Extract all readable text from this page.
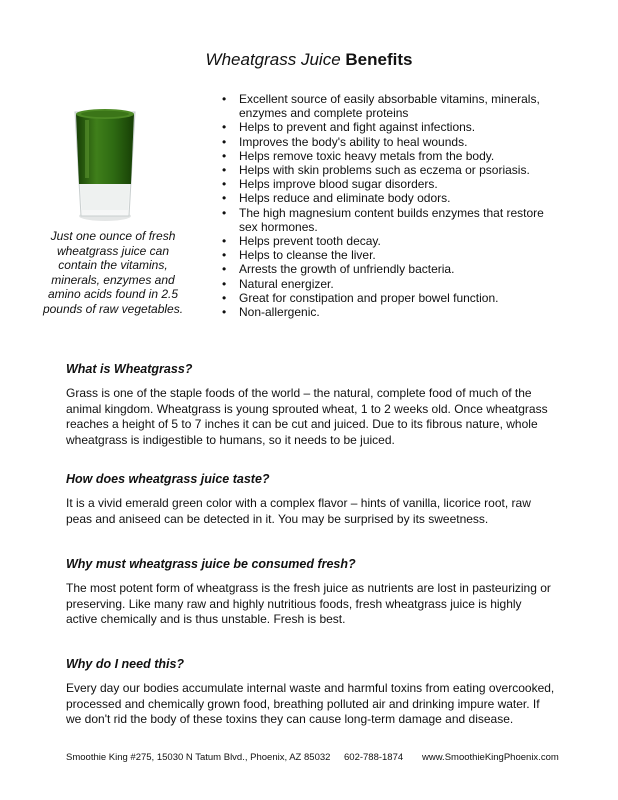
Wheatgrass Juice Benefits
Just one ounce of fresh wheatgrass juice can contain the vitamins, minerals, enzymes and amino acids found in 2.5 pounds of raw vegetables.
• Excellent source of easily absorbable vitamins, minerals, enzymes and complete proteins
• Helps to prevent and fight against infections.
• Improves the body's ability to heal wounds.
• Helps remove toxic heavy metals from the body.
• Helps with skin problems such as eczema or psoriasis.
• Helps improve blood sugar disorders.
• Helps reduce and eliminate body odors.
• The high magnesium content builds enzymes that restore sex hormones.
• Helps prevent tooth decay.
• Helps to cleanse the liver.
• Arrests the growth of unfriendly bacteria.
• Natural energizer.
• Great for constipation and proper bowel function.
• Non-allergenic.
What is Wheatgrass?

Grass is one of the staple foods of the world – the natural, complete food of much of the animal kingdom. Wheatgrass is young sprouted wheat, 1 to 2 weeks old. Once wheatgrass reaches a height of 5 to 7 inches it can be cut and juiced. Due to its fibrous nature, whole wheatgrass is indigestible to humans, so it needs to be juiced.

How does wheatgrass juice taste?

It is a vivid emerald green color with a complex flavor – hints of vanilla, licorice root, raw peas and aniseed can be detected in it. You may be surprised by its sweetness.

Why must wheatgrass juice be consumed fresh?

The most potent form of wheatgrass is the fresh juice as nutrients are lost in pasteurizing or preserving. Like many raw and highly nutritious foods, fresh wheatgrass juice is highly active chemically and is thus unstable. Fresh is best.

Why do I need this?

Every day our bodies accumulate internal waste and harmful toxins from eating overcooked, processed and chemically grown food, breathing polluted air and drinking impure water. If we don't rid the body of these toxins they can cause long-term damage and disease.

Smoothie King #275, 15030 N Tatum Blvd., Phoenix, AZ 85032 602-788-1874 www.SmoothieKingPhoenix.com
